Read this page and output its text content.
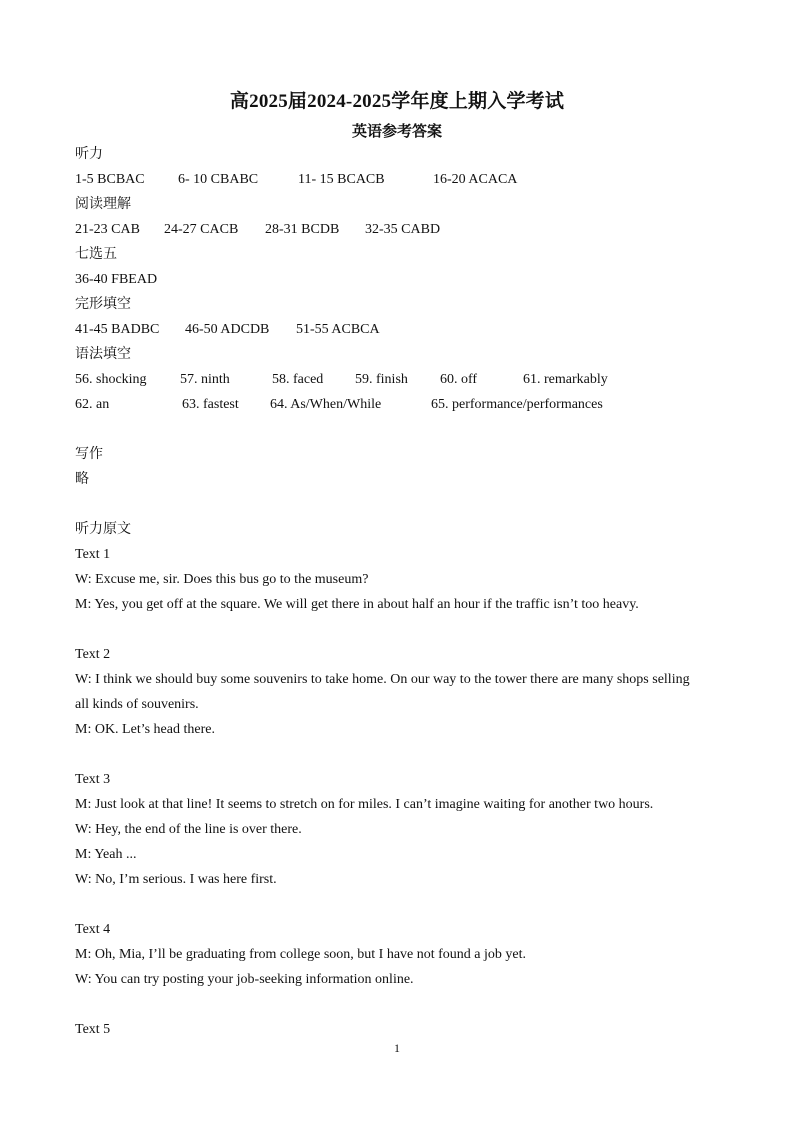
高2025届2024-2025学年度上期入学考试
英语参考答案
听力
1-5 BCBAC 6- 10 CBABC	11- 15 BCACB	16-20 ACACA
阅读理解
21-23 CAB 24-27 CACB 28-31 BCDB 32-35 CABD
七选五
36-40 FBEAD
完形填空
41-45 BADBC 46-50 ADCDB 51-55 ACBCA
语法填空
56. shocking 57. ninth	58. faced 59. finish 60. off	61. remarkably
62. an	63. fastest 64. As/When/While	65. performance/performances
写作
略
听力原文
Text 1
W: Excuse me, sir. Does this bus go to the museum?
M: Yes, you get off at the square. We will get there in about half an hour if the traffic isn’t too heavy.
Text 2
W: I think we should buy some souvenirs to take home. On our way to the tower there are many shops selling
all kinds of souvenirs.
M: OK. Let’s head there.
Text 3
M: Just look at that line! It seems to stretch on for miles. I can’t imagine waiting for another two hours.
W: Hey, the end of the line is over there.
M: Yeah ...
W: No, I’m serious. I was here first.
Text 4
M: Oh, Mia, I’ll be graduating from college soon, but I have not found a job yet.
W: You can try posting your job-seeking information online.
Text 5
1
